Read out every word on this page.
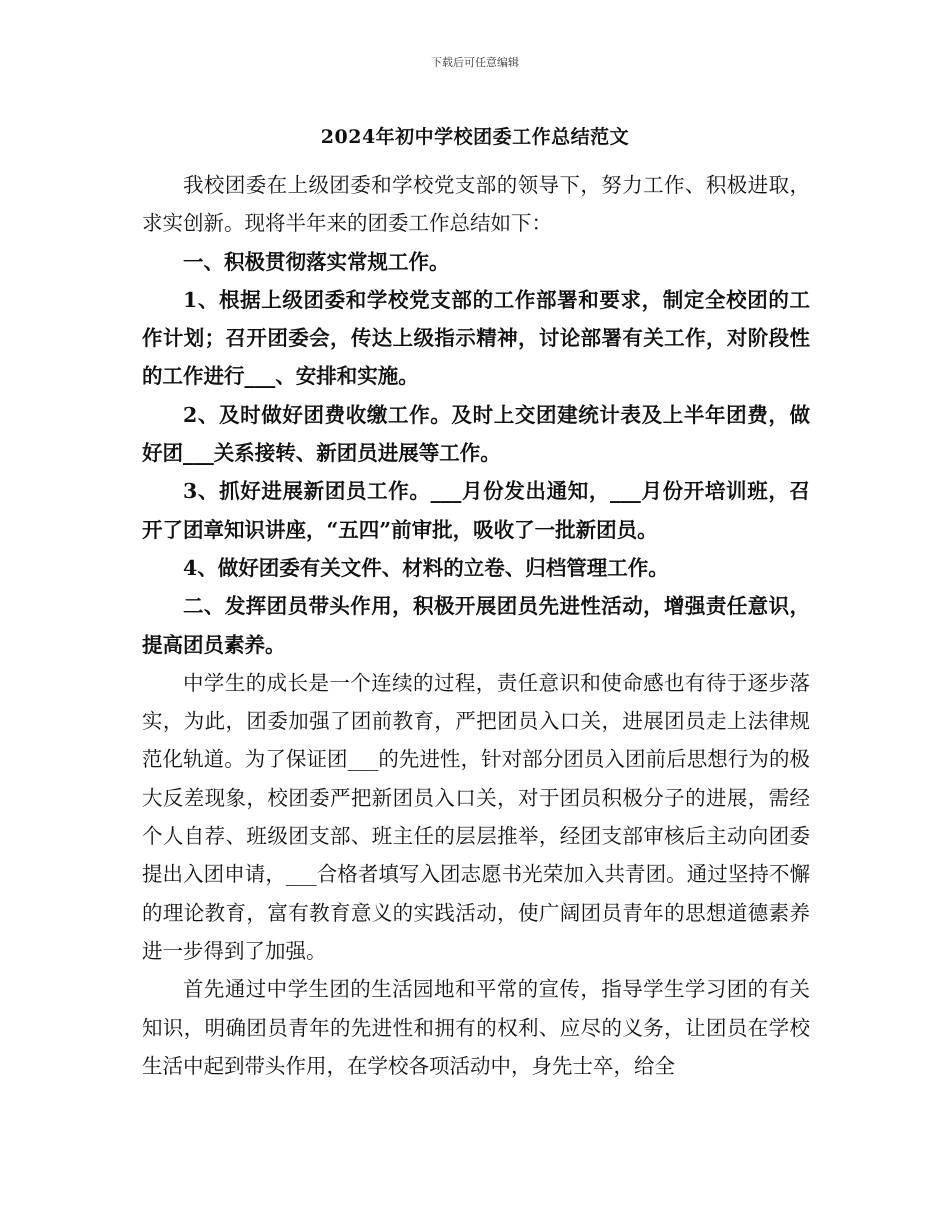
下载后可任意编辑
2024年初中学校团委工作总结范文

我校团委在上级团委和学校党支部的领导下，努力工作、积极进取，求实创新。现将半年来的团委工作总结如下：

一、积极贯彻落实常规工作。

1、根据上级团委和学校党支部的工作部署和要求，制定全校团的工作计划；召开团委会，传达上级指示精神，讨论部署有关工作，对阶段性的工作进行___、安排和实施。

2、及时做好团费收缴工作。及时上交团建统计表及上半年团费，做好团___关系接转、新团员进展等工作。

3、抓好进展新团员工作。___月份发出通知，___月份开培训班，召开了团章知识讲座，“五四”前审批，吸收了一批新团员。

4、做好团委有关文件、材料的立卷、归档管理工作。

二、发挥团员带头作用，积极开展团员先进性活动，增强责任意识，提高团员素养。

中学生的成长是一个连续的过程，责任意识和使命感也有待于逐步落实，为此，团委加强了团前教育，严把团员入口关，进展团员走上法律规范化轨道。为了保证团___的先进性，针对部分团员入团前后思想行为的极大反差现象，校团委严把新团员入口关，对于团员积极分子的进展，需经个人自荐、班级团支部、班主任的层层推举，经团支部审核后主动向团委提出入团申请，___合格者填写入团志愿书光荣加入共青团。通过坚持不懈的理论教育，富有教育意义的实践活动，使广阔团员青年的思想道德素养进一步得到了加强。

首先通过中学生团的生活园地和平常的宣传，指导学生学习团的有关知识，明确团员青年的先进性和拥有的权利、应尽的义务，让团员在学校生活中起到带头作用，在学校各项活动中，身先士卒，给全
